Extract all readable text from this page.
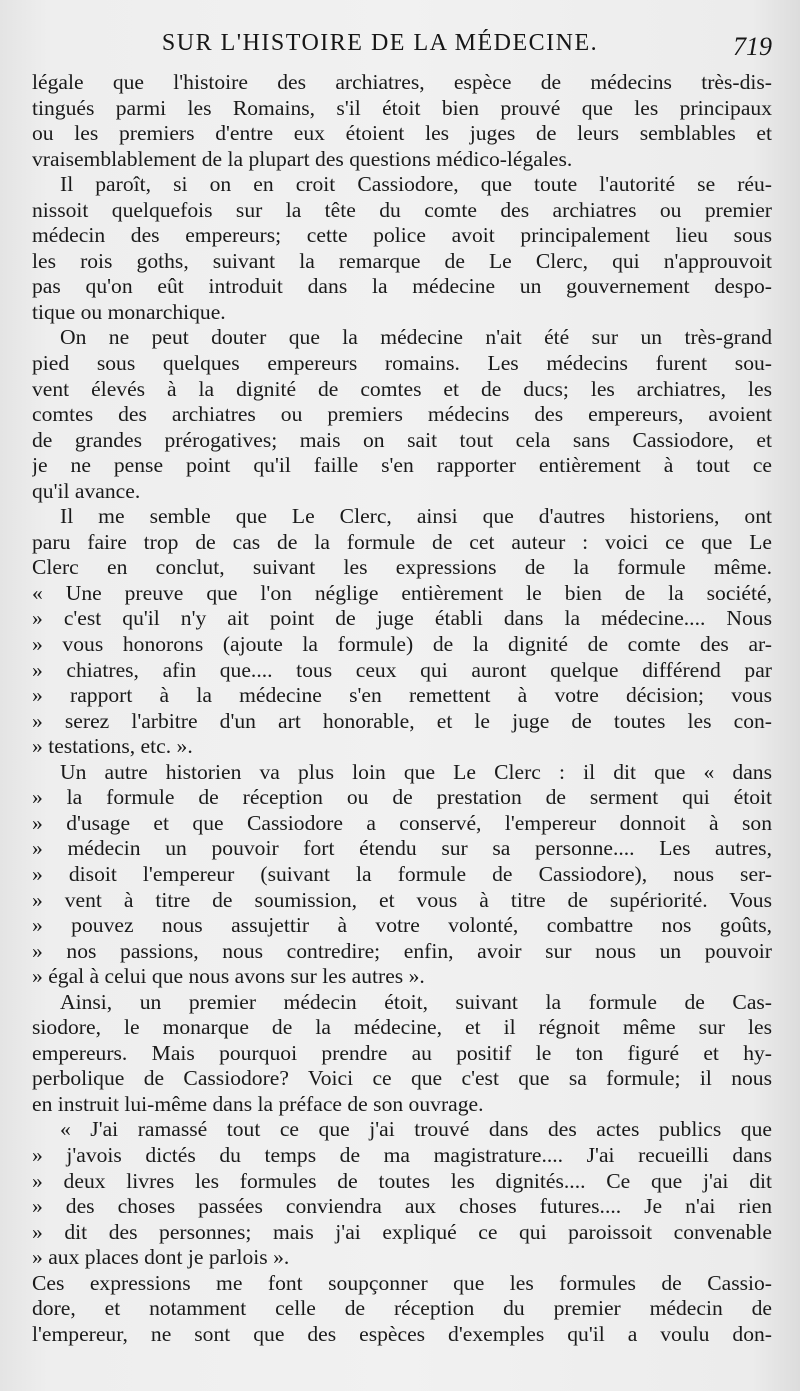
SUR L'HISTOIRE DE LA MÉDECINE.	719
légale que l'histoire des archiatres, espèce de médecins très-dis-
tingués parmi les Romains, s'il étoit bien prouvé que les principaux
ou les premiers d'entre eux étoient les juges de leurs semblables et
vraisemblablement de la plupart des questions médico-légales.
Il paroît, si on en croit Cassiodore, que toute l'autorité se réu-
nissoit quelquefois sur la tête du comte des archiatres ou premier
médecin des empereurs; cette police avoit principalement lieu sous
les rois goths, suivant la remarque de Le Clerc, qui n'approuvoit
pas qu'on eût introduit dans la médecine un gouvernement despo-
tique ou monarchique.
On ne peut douter que la médecine n'ait été sur un très-grand
pied sous quelques empereurs romains. Les médecins furent sou-
vent élevés à la dignité de comtes et de ducs; les archiatres, les
comtes des archiatres ou premiers médecins des empereurs, avoient
de grandes prérogatives; mais on sait tout cela sans Cassiodore, et
je ne pense point qu'il faille s'en rapporter entièrement à tout ce
qu'il avance.
Il me semble que Le Clerc, ainsi que d'autres historiens, ont
paru faire trop de cas de la formule de cet auteur : voici ce que Le
Clerc en conclut, suivant les expressions de la formule même.
« Une preuve que l'on néglige entièrement le bien de la société,
» c'est qu'il n'y ait point de juge établi dans la médecine.... Nous
» vous honorons (ajoute la formule) de la dignité de comte des ar-
» chiatres, afin que.... tous ceux qui auront quelque différend par
» rapport à la médecine s'en remettent à votre décision; vous
» serez l'arbitre d'un art honorable, et le juge de toutes les con-
» testations, etc. ».
Un autre historien va plus loin que Le Clerc : il dit que « dans
» la formule de réception ou de prestation de serment qui étoit
» d'usage et que Cassiodore a conservé, l'empereur donnoit à son
» médecin un pouvoir fort étendu sur sa personne.... Les autres,
» disoit l'empereur (suivant la formule de Cassiodore), nous ser-
» vent à titre de soumission, et vous à titre de supériorité. Vous
» pouvez nous assujettir à votre volonté, combattre nos goûts,
» nos passions, nous contredire; enfin, avoir sur nous un pouvoir
» égal à celui que nous avons sur les autres ».
Ainsi, un premier médecin étoit, suivant la formule de Cas-
siodore, le monarque de la médecine, et il régnoit même sur les
empereurs. Mais pourquoi prendre au positif le ton figuré et hy-
perbolique de Cassiodore? Voici ce que c'est que sa formule; il nous
en instruit lui-même dans la préface de son ouvrage.
« J'ai ramassé tout ce que j'ai trouvé dans des actes publics que
» j'avois dictés du temps de ma magistrature.... J'ai recueilli dans
» deux livres les formules de toutes les dignités.... Ce que j'ai dit
» des choses passées conviendra aux choses futures.... Je n'ai rien
» dit des personnes; mais j'ai expliqué ce qui paroissoit convenable
» aux places dont je parlois ».
Ces expressions me font soupçonner que les formules de Cassio-
dore, et notamment celle de réception du premier médecin de
l'empereur, ne sont que des espèces d'exemples qu'il a voulu don-
